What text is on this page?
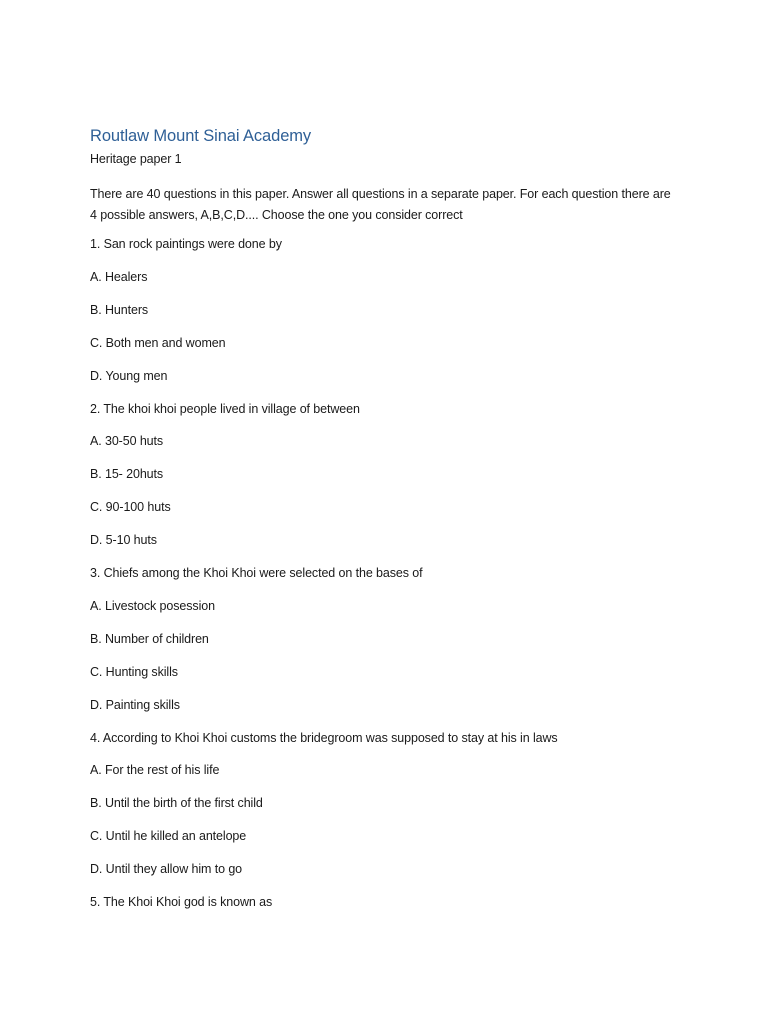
Routlaw Mount Sinai Academy
Heritage paper 1
There are 40 questions in this paper. Answer all questions in a separate paper. For each question there are 4 possible answers, A,B,C,D.... Choose the one you consider correct
1. San rock paintings were done by
A. Healers
B. Hunters
C. Both men and women
D. Young men
2. The khoi khoi people lived in village of between
A. 30-50 huts
B. 15- 20huts
C. 90-100 huts
D. 5-10 huts
3. Chiefs among the Khoi Khoi were selected on the bases of
A. Livestock posession
B. Number of children
C. Hunting skills
D. Painting skills
4. According to Khoi Khoi customs the bridegroom was supposed to stay at his in laws
A. For the rest of his life
B. Until the birth of the first child
C. Until he killed an antelope
D. Until they allow him to go
5. The Khoi Khoi god is known as
